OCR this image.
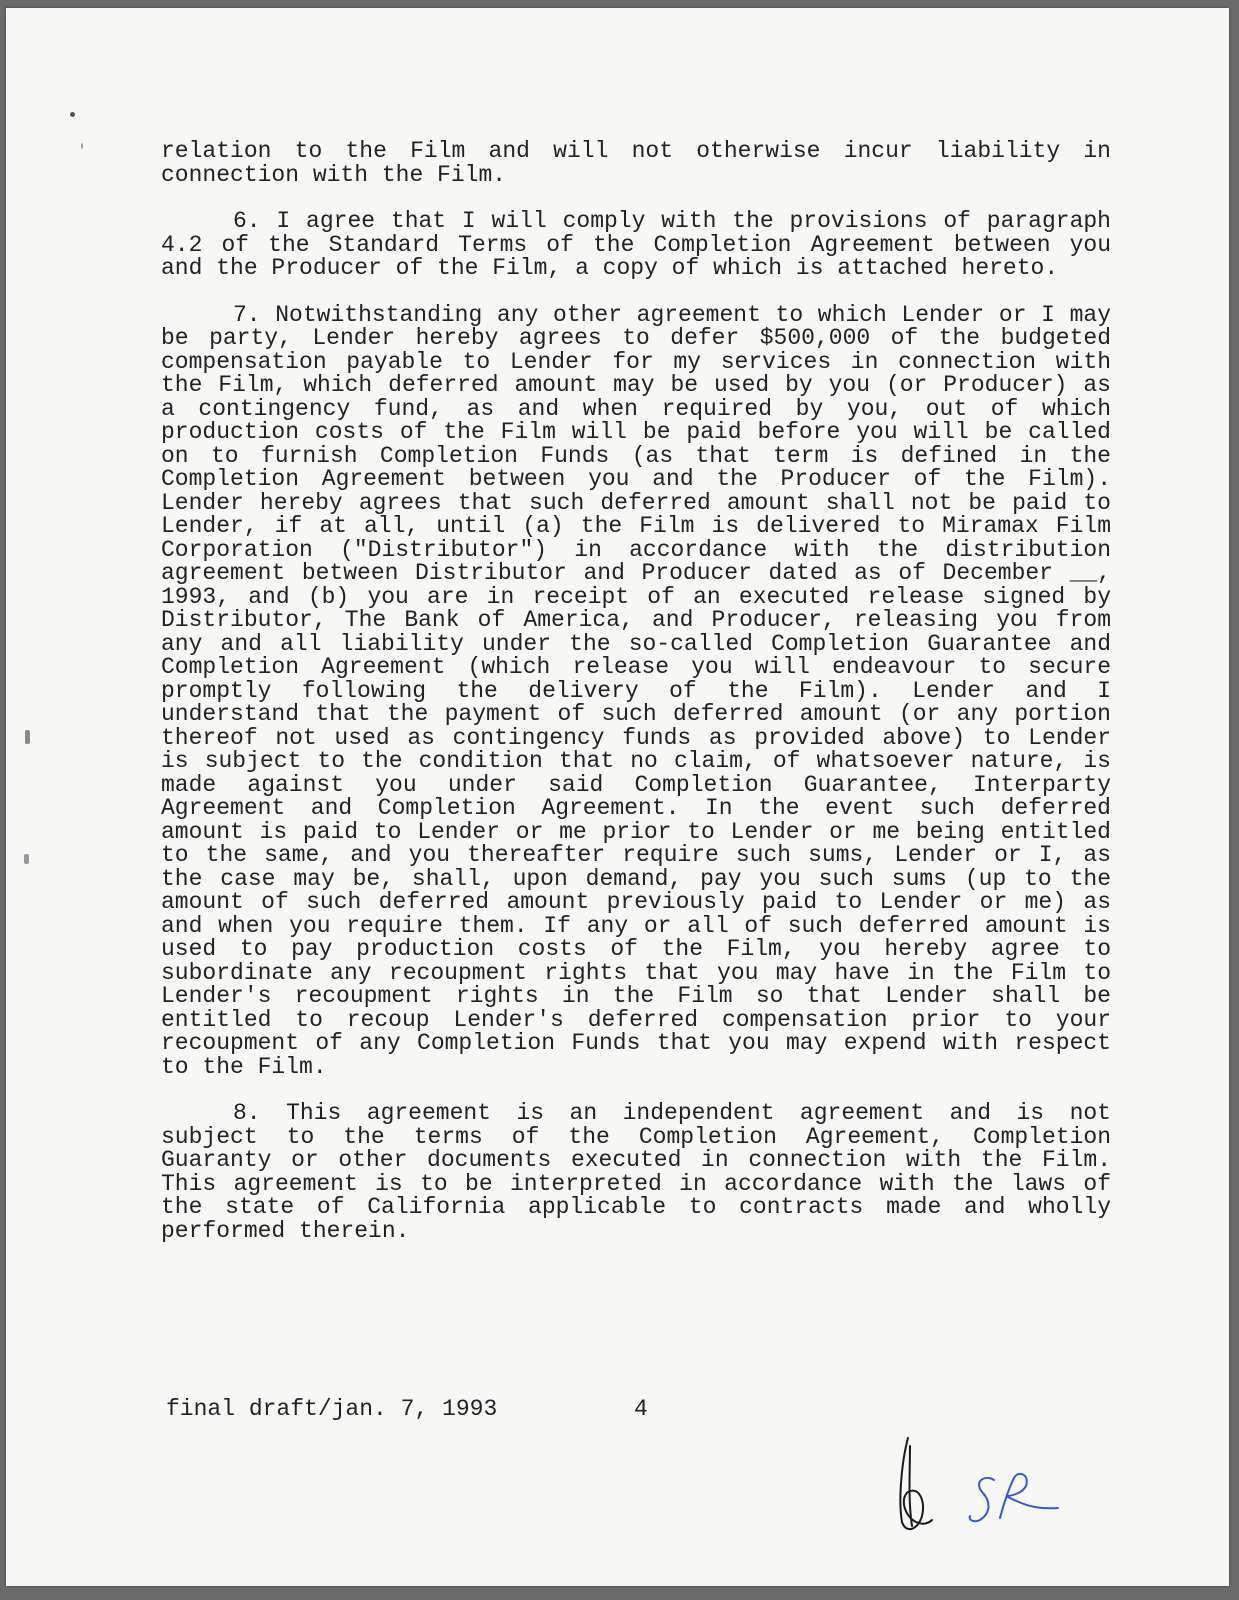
relation to the Film and will not otherwise incur liability in connection with the Film.

6. I agree that I will comply with the provisions of paragraph 4.2 of the Standard Terms of the Completion Agreement between you and the Producer of the Film, a copy of which is attached hereto.

7. Notwithstanding any other agreement to which Lender or I may be party, Lender hereby agrees to defer $500,000 of the budgeted compensation payable to Lender for my services in connection with the Film, which deferred amount may be used by you (or Producer) as a contingency fund, as and when required by you, out of which production costs of the Film will be paid before you will be called on to furnish Completion Funds (as that term is defined in the Completion Agreement between you and the Producer of the Film). Lender hereby agrees that such deferred amount shall not be paid to Lender, if at all, until (a) the Film is delivered to Miramax Film Corporation ("Distributor") in accordance with the distribution agreement between Distributor and Producer dated as of December __, 1993, and (b) you are in receipt of an executed release signed by Distributor, The Bank of America, and Producer, releasing you from any and all liability under the so-called Completion Guarantee and Completion Agreement (which release you will endeavour to secure promptly following the delivery of the Film). Lender and I understand that the payment of such deferred amount (or any portion thereof not used as contingency funds as provided above) to Lender is subject to the condition that no claim, of whatsoever nature, is made against you under said Completion Guarantee, Interparty Agreement and Completion Agreement. In the event such deferred amount is paid to Lender or me prior to Lender or me being entitled to the same, and you thereafter require such sums, Lender or I, as the case may be, shall, upon demand, pay you such sums (up to the amount of such deferred amount previously paid to Lender or me) as and when you require them. If any or all of such deferred amount is used to pay production costs of the Film, you hereby agree to subordinate any recoupment rights that you may have in the Film to Lender's recoupment rights in the Film so that Lender shall be entitled to recoup Lender's deferred compensation prior to your recoupment of any Completion Funds that you may expend with respect to the Film.

8. This agreement is an independent agreement and is not subject to the terms of the Completion Agreement, Completion Guaranty or other documents executed in connection with the Film. This agreement is to be interpreted in accordance with the laws of the state of California applicable to contracts made and wholly performed therein.

final draft/jan. 7, 1993	4
